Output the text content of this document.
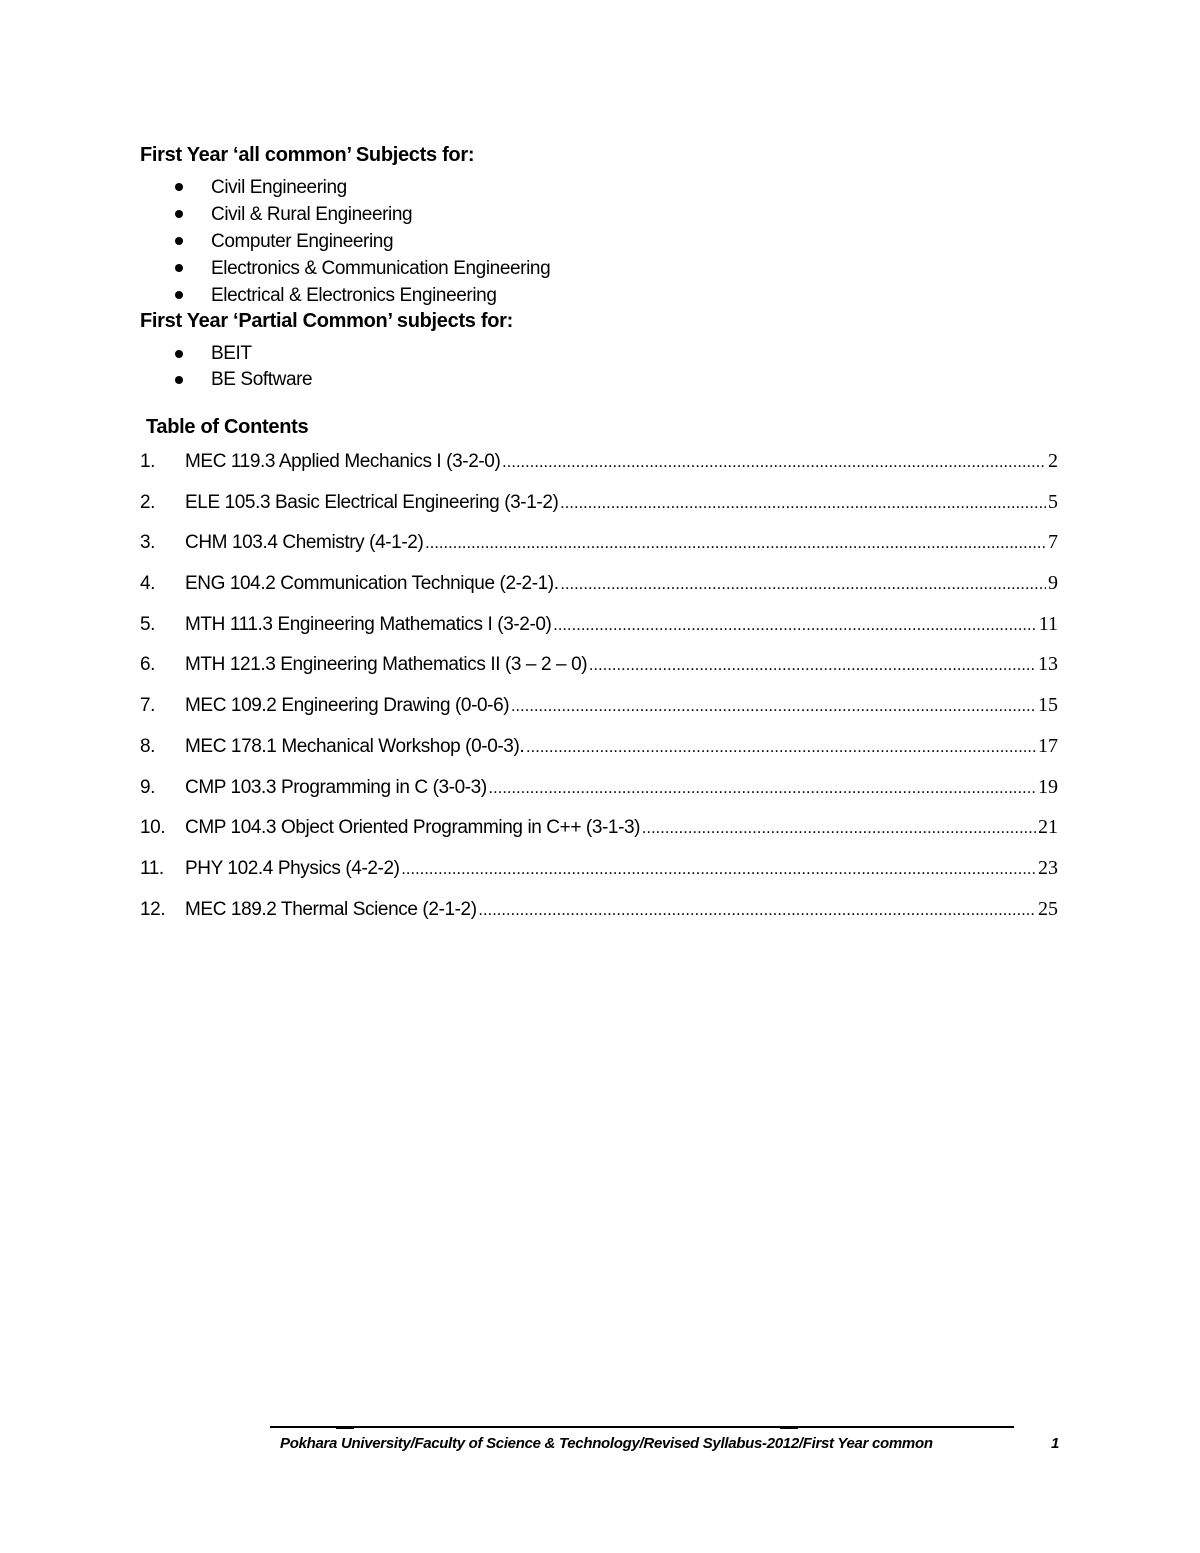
First Year ‘all common’ Subjects for:
Civil Engineering
Civil & Rural Engineering
Computer Engineering
Electronics & Communication Engineering
Electrical & Electronics Engineering
First Year ‘Partial Common’ subjects for:
BEIT
BE Software
Table of Contents
1.	MEC 119.3 Applied Mechanics I (3-2-0) .....	2
2.	ELE 105.3 Basic Electrical Engineering (3-1-2) .....	5
3.	CHM 103.4 Chemistry (4-1-2) .....	7
4.	ENG 104.2 Communication Technique (2-2-1). .....	9
5.	MTH 111.3 Engineering Mathematics I (3-2-0) .....	11
6.	MTH 121.3 Engineering Mathematics II (3 – 2 – 0) .....	13
7.	MEC 109.2 Engineering Drawing (0-0-6) .....	15
8.	MEC 178.1 Mechanical Workshop (0-0-3). .....	17
9.	CMP 103.3 Programming in C (3-0-3) .....	19
10.	CMP 104.3 Object Oriented Programming in C++ (3-1-3) .....	21
11.	PHY 102.4 Physics (4-2-2) .....	23
12.	MEC 189.2 Thermal Science (2-1-2) .....	25

Pokhara University/Faculty of Science & Technology/Revised Syllabus-2012/First Year common	1
